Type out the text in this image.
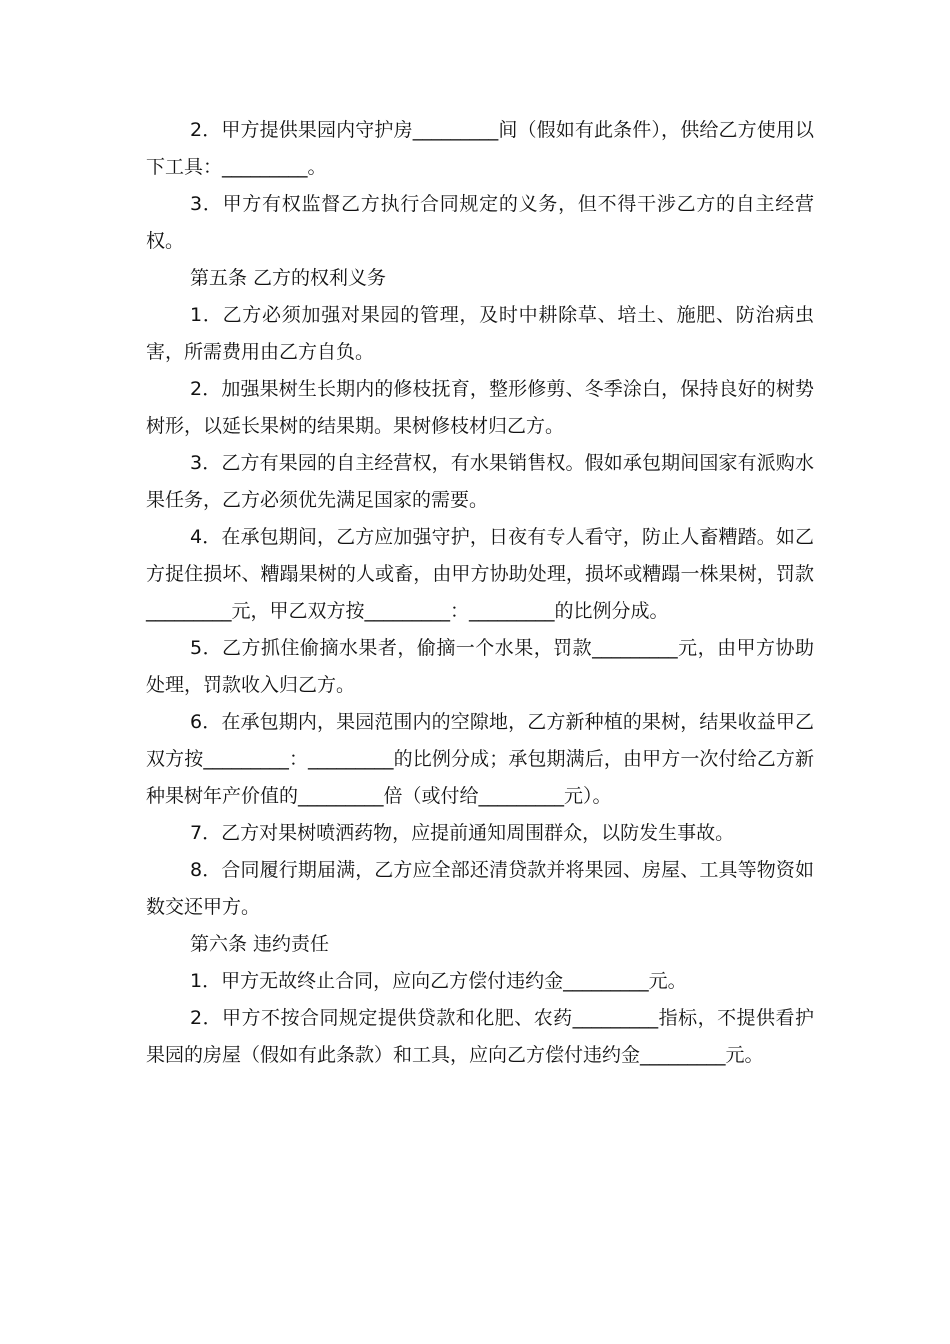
2．甲方提供果园内守护房_________间（假如有此条件），供给乙方使用以下工具：_________。

3．甲方有权监督乙方执行合同规定的义务，但不得干涉乙方的自主经营权。

第五条 乙方的权利义务

1．乙方必须加强对果园的管理，及时中耕除草、培土、施肥、防治病虫害，所需费用由乙方自负。

2．加强果树生长期内的修枝抚育，整形修剪、冬季涂白，保持良好的树势树形，以延长果树的结果期。果树修枝材归乙方。

3．乙方有果园的自主经营权，有水果销售权。假如承包期间国家有派购水果任务，乙方必须优先满足国家的需要。

4．在承包期间，乙方应加强守护，日夜有专人看守，防止人畜糟踏。如乙方捉住损坏、糟蹋果树的人或畜，由甲方协助处理，损坏或糟蹋一株果树，罚款_________元，甲乙双方按_________：_________的比例分成。

5．乙方抓住偷摘水果者，偷摘一个水果，罚款_________元，由甲方协助处理，罚款收入归乙方。

6．在承包期内，果园范围内的空隙地，乙方新种植的果树，结果收益甲乙双方按_________：_________的比例分成；承包期满后，由甲方一次付给乙方新种果树年产价值的_________倍（或付给_________元）。

7．乙方对果树喷洒药物，应提前通知周围群众，以防发生事故。

8．合同履行期届满，乙方应全部还清贷款并将果园、房屋、工具等物资如数交还甲方。

第六条 违约责任

1．甲方无故终止合同，应向乙方偿付违约金_________元。

2．甲方不按合同规定提供贷款和化肥、农药_________指标，不提供看护果园的房屋（假如有此条款）和工具，应向乙方偿付违约金_________元。
